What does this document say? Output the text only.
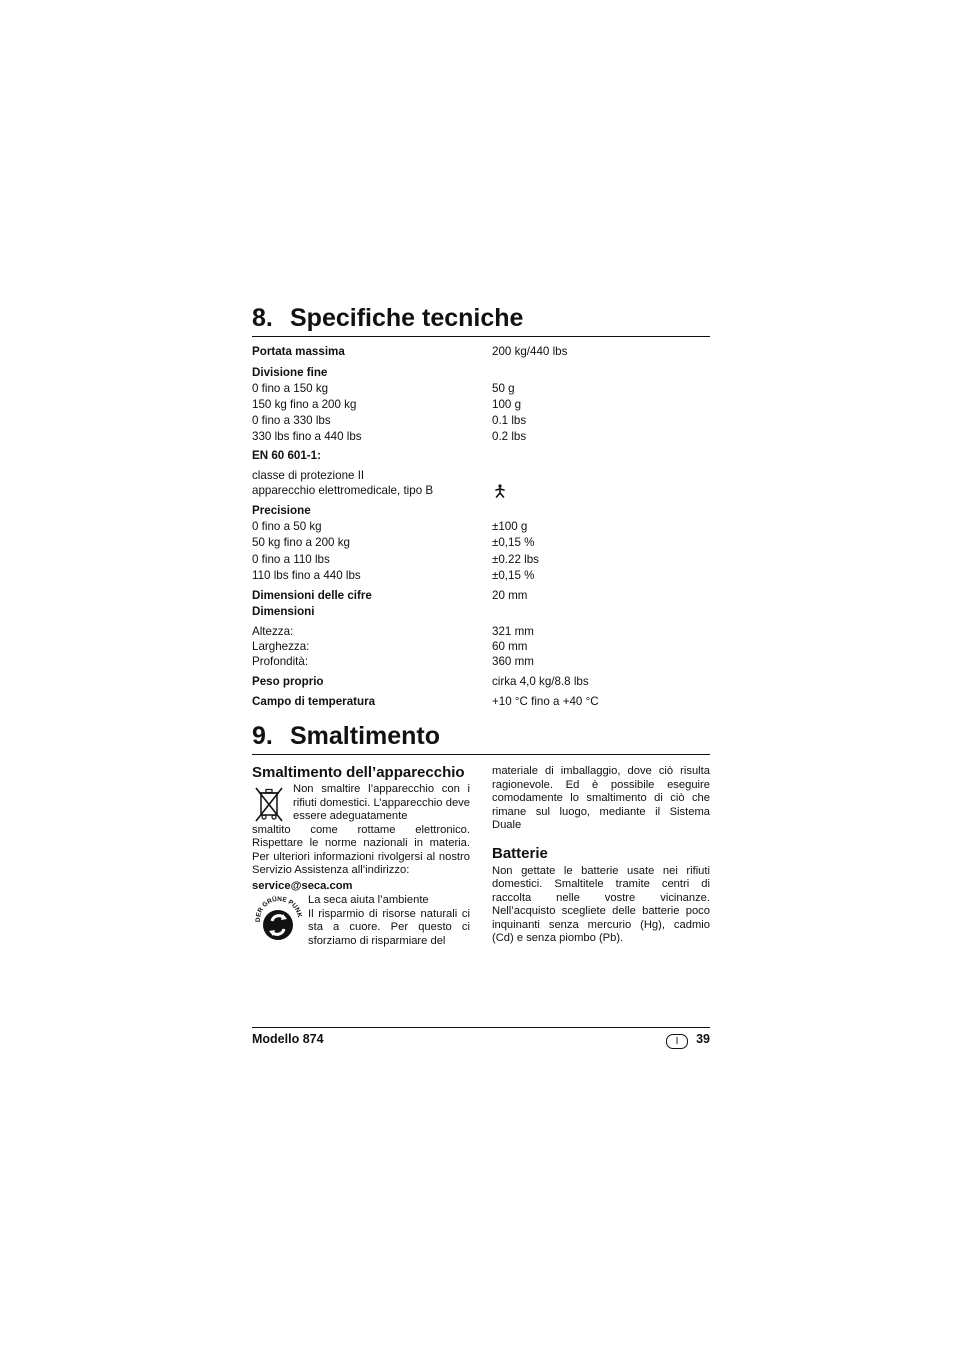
8. Specifiche tecniche
Portata massima	200 kg/440 lbs
Divisione fine
0 fino a 150 kg	50 g
150 kg fino a 200 kg	100 g
0 fino a 330 lbs	0.1 lbs
330 lbs fino a 440 lbs	0.2 lbs
EN 60 601-1:
classe di protezione II
apparecchio elettromedicale, tipo B
Precisione
0 fino a 50 kg	±100 g
50 kg fino a 200 kg	±0,15 %
0 fino a 110 lbs	±0.22 lbs
110 lbs fino a 440 lbs	±0,15 %
Dimensioni delle cifre	20 mm
Dimensioni
Altezza:	321 mm
Larghezza:	60 mm
Profondità:	360 mm
Peso proprio	cirka 4,0 kg/8.8 lbs
Campo di temperatura	+10 °C fino a +40 °C
9. Smaltimento
Smaltimento dell’apparecchio

Non smaltire l’apparecchio con i rifiuti domestici. L’apparecchio deve essere adeguatamente

smaltito come rottame elettronico. Rispettare le norme nazionali in materia. Per ulteriori informazioni rivolgersi al nostro Servizio Assistenza all’indirizzo:

service@seca.com

DER GRÜNE PUNK

La seca aiuta l’ambiente

Il risparmio di risorse naturali ci sta a cuore. Per questo ci sforziamo di risparmiare del

materiale di imballaggio, dove ciò risulta ragionevole. Ed è possibile eseguire comodamente lo smaltimento di ciò che rimane sul luogo, mediante il Sistema Duale

Batterie

Non gettate le batterie usate nei rifiuti domestici. Smaltitele tramite centri di raccolta nelle vostre vicinanze. Nell’acquisto scegliete delle batterie poco inquinanti senza mercurio (Hg), cadmio (Cd) e senza piombo (Pb).

Modello 874	I	39
